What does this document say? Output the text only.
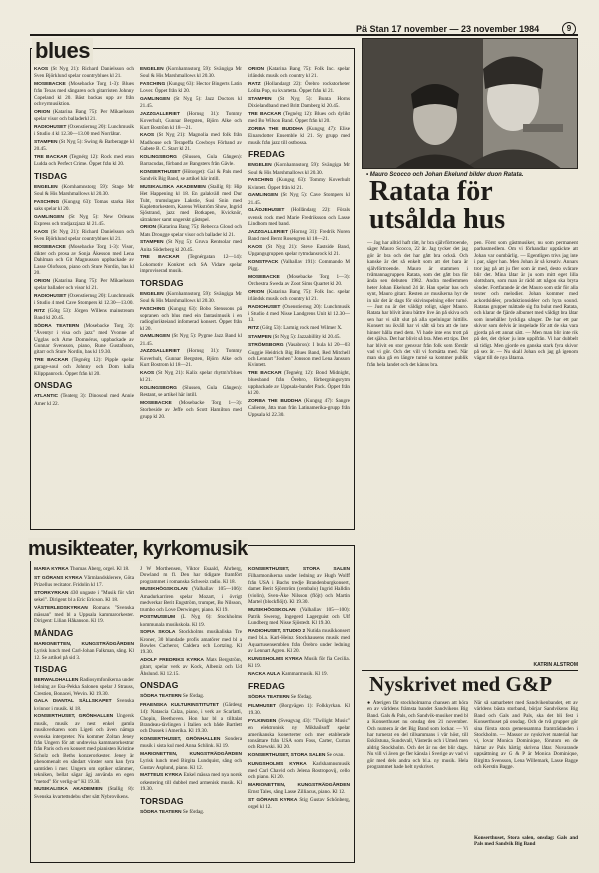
Pä Stan 17 november — 23 november 1984	9
blues
KAOS (St Nyg 21): Richard Danielsson och Sven Björklund spelar countryblues kl 21.
MOSEBACKE (Mosebacke Torg 1-3): Blues från Texas med sångaren och gitarristen Johnny Copeland kl 20. Bäst backas upp av från ochvyrmusiktion.
ORION (Katarina Bang 75): Per Mikaelsson spelar visor och balladerkl 21.
RADIOHUSET (Oxenstiernsg 20): Lunchmusik i Studio 4 kl 12.30—13.00 med Norrlåtar.
STAMPEN (St Nyg 5): Swing & Barberagge kl 20.45.
TRE BACKAR (Tegnérg 12): Rock med eton Ludda och Perfect Crime. Öppet från kl 20.
TISDAG
ENGELEN (Kornhamnstorg 59): Stage Mr Soul & His Marshmallows kl 20.30.
FASCHING (Kungsg 63): Tomas starka Hot saks spelar kl 20.
GAMLINGEN (St Nyg 5): New Orleans Express och tradjazzjazz kl 21.45.
KAOS (St Nyg 21): Richard Danielsson och Sven Björklund spelar countryblues kl 21.
MOSEBACKE (Mosebacke Torg 1-3): Visor, dikter och prosa av Sonja Åkesson med Lena Dahlman och Git Magnusson uppbackade av Lasse Olofsson, piano och Sture Nordin, bas kl 20.
ORION (Katarina Bang 75): Per Mikaelsson spelar ballader och visor kl 21.
RADIOHUSET (Oxenstiernsg 20): Lunchmusik i Studio 4 med Cave Stompers kl 12.30—13.00.
RITZ (Götg 53): Jörgen Willens mainstream Band kl 20.45.
SÖDRA TEATERN (Mosebacke Torg 3): "Åventyr i visa och jazz" med Yvonne af Ugglas och Arne Domnérus, uppbackade av Gunnar Svensson, piano, Rune Gustafsson, gitarr och Sture Nordin, bas kl 19.30.
TRE BACKAR (Tegnérg 12): Pipple spelar garage-soul och Johnny och Dom kalla Klipppanrock. Öppet från kl 20.
ONSDAG
ATLANTIC (Teaterg 3): Dinosoul med Annie Amer kl 22.
ENGELEN (Kornhamnstorg 59): Svängiga Mr Soul & His Marshmallows kl 20.30.
FASCHING (Kungsg 63): Hector Bingerts Latin Lover. Öppet från kl 20.
GAMLINGEN (St Nyg 5): Jazz Doctors kl 21.45.
JAZZGALLERIET (Hornsg 31): Tommy Koverhult, Gunnar Bergsten, Björn Alke och Kurt Boström kl 18—21.
KAOS (St Nyg 21): Magnolia med folk från Madhouse och Terapeffa Cowboys Förband av Gabete B. C. Starr kl 21.
KOLINGSBORG (Slussen, Gula Gången): Barracudas, förband av Bangsters från Gävle.
KONSERTHUSET (Hötorget): Gal & Pals med Sandvik Big Band, se artikel här intill.
MUSIKALISKA AKADEMIEN (Stallig 8): Hip Het Happening kl 18. En galakväll med Dur Tubt, trumslagare Lakstie, Susi Snin med Kuplettorkestern, Karens Wikström Show, Ingrid Sjöstrand, jazz med Botkapen, Kvicknör, sätrakmer samt ungerskt gästspel.
ORION (Katarina Bang 75): Rebecca Gloud och Mats Drougge spelar visor och ballader kl 21.
STAMPEN (St Nyg 5): Gruva Rentsolar med Anita Söderberg kl 20.45.
TRE BACKAR (Tegnérgatan 12—14): Lokomotiv Konkret och SA Vidare spelar improviserad musik.
TORSDAG
ENGELEN (Kornhamnstorg 59): Svängiga Mr Soul & His Marshmallows kl 20.30.
FASCHING (Kungsg 63): Bobo Stenssons på sopranen och blus med ein fantasimusik i en radioglorikteiand infomerad konsert. Öppet från kl 20.
GAMLINGEN (St Nyg 5): Pygme Jazz Band kl 21.45.
JAZZGALLERIET (Hornsg 31): Tommy Koverhult, Gunnar Bergsten, Björn Alke och Kurt Bostrom kl 18—21.
KAOS (St Nyg 21): Kalix spelar rhytm'n'blues kl 21.
KOLINGSBORG (Slussen, Gula Gången): Restant, se artikel här intill.
MOSEBACKE (Mosebacke Torg 1—3): Storbeside av Jeffe och Scott Hamilton med grupp kl 20.
ORION (Katarina Bang 75): Folk Inc. spelar irländsk musik och country kl 21.
RATZ (Hollandargt 22): Örebro rockstorheter Lolita Pop, su kvartetta. Öppet från kl 21.
STAMPEN (St Nyg 5): Bunta Horns Dixielandband med Britt Damberg kl 20.45.
TRE BACKAR (Tegnérg 12): Blues och dylikt med Bo Wilson Band. Öppet från kl 20.
ZORBA THE BUDDHA (Kungsg 47): Elise Einarsdotter Ensemble kl 21. Sy grupp med musik från jazz till ostbossa.
FREDAG
ENGELEN (Kornhamnstorg 59): Svängiga Mr Soul & His Marshmallows kl 20.30.
FASCHING (Kungsg 63): Tommy Koverhult Kvintett. Öppet från kl 21.
GAMLINGEN (St Nyg 5): Cave Stompers kl 21.45.
GLÄDJEHUSET (Hollåndarg 22): Förals svensk rock med Marie Fredriksson och Lasse Lindbom med band.
JAZZGALLERIET (Hornsg 31): Fredrik Noren Band med Bernt Rosengren kl 18—21.
KAOS (St Nyg 21): Steve Eastside Band, Upgangsgruppen spelar rytmdansrock kl 21.
KONSTFACK (Valhallav 191): Commando M Pigg.
MOSEBACKE (Mosebacke Torg 1—3): Orchestra Sweda av Zoot Sims Quartet kl 20.
ORION (Katarina Bang 75): Folk Inc. spelar irländsk musik och country kl 21.
RADIOHUSET (Oxenstiernsg 20): Lunchmusik i Studio 4 med Nisse Landgrens Unit kl 12.30—13.
RITZ (Götg 53): Larmig rock med Wilmer X.
STAMPEN (St Nyg 5): Jazzabillity kl 20.45.
STRÖMSBORG (Vasabron): I bula kl 20—03 Guggie Heidrich Big Blues Band, Red Mitchell och Lennart "Joshen" Jonsson med Lena Jansson Kvintett.
TRE BACKAR (Tegnérg 12): Bond Midnight, bluesband från Örebro, förbergningsrytm uppbackade av Uppsala-bandet Pack. Öppet från kl 20.
ZORBA THE BUDDHA (Kungsg 47): Sangre Caliente, åtta man från Latinamerika-grupp från Uppsala kl 22.30.
musikteater, kyrkomusik
MARIA KYRKA Thomas Åberg, orgel. Kl 18.
ST GÖRANS KYRKA Vårmlandsklerere, Göta Prizellus recitator. Fridolin kl 17.
STORKYRKAN 430 ungaste i "Musik för vårt sekel". Dirigent bl a Eric Ericson. Kl 18.
VÄSTERLEDSKYRKAN Romans "Svenska mässan" med bl a Uppsala kammarorkester. Dirigent: Lilian Håkanson. Kl 19.
MÅNDAG
MARIONETTEN, KUNGSTRÄDGÅRDEN Lyrisk lunch med Carl-Johan Falkman, sång. Kl 12. Se artikel på sid 3.
TISDAG
BERWALDHALLEN Radiosymfonikerna under ledning av Esa-Pekka Salonen spelar J Strauss, Crestien, Bonacei, Wevin. Kl 19.30.
GALA DIANTAL SÄLLSKAPET Svenska kvinnor i musik. kl 18.
KONSERTHUSET, GRÖNHALLEN Ungersk musik, musik av nest enkel gamla musikverkaren som Ligeti och även nämga svenska interpreter. Nu kommer Zoltan Jeney från Ungern för att undrevisa kammarorkestrar från Paris och en konsert med pianisten Kristine Scholz och Beths konzerorkester. Jeney är phenomenalt en såndart vinster som kan fyra samtiden i mer. Ungern om optiker stämmer, tekniken, bellat sägar ägj använda en egen "metod" för verlig-ar" Kl 19.30.
MUSIKALISKA AKADEMIEN (Stallig 8): Svenska kvartettsdebu sfter sätt Nybrovikens.
J W Morthensen, Viktor Esaald, Åhrberg, Dowland m fl. Den har tidigare framfört programmet i romanska Schweiz radio. Kl 18.
MUSIKHÖGSKOLAN (Valhallav 105—106): Amadurkarriren spelar Mozart, i övrigt medverkar Berit Engström, trumpet, Bo Nilsson, trumbo och Love Derwinger, piano. Kl 19.
POSTMUSEUM (L Nyg 6): Stockholms kommunala musikskola. Kl 19.
SOFIA SKOLA Stockholms musikaliska Tre Kroner, 30 blandade profis amatörer med bl a Bowles Cacheror, Caldera och Lortzing. Kl 19.30.
ADOLF FREDRIKS KYRKA Mats Bergström, gitarr, spelar verk av Kock, Albeniz och Ud Åhslund. Kl 12.15.
ONSDAG
SÖDRA TEATERN Se fördag.
FRAENSKA KULTURINSTITUTET (Gärdesg 14): Natascia Calza, piano, i verk av Scarlatti, Chopin, Beethoven. Hon har bl a tilltalat Brandeau-tävlingen i Italien och både Bartlett och Dussek i Amerika. Kl 19.30.
KONSERTHUSET, GRÖNHALLEN Sondera musik i sista kul med Anna Schlink. Kl 19.
MARIONETTEN, KUNGSTRÄDGÅRDEN Lyrisk lunch med Birgita Lundquist, sång och Gustav Asplund, piano. Kl 12.
MATTEUS KYRKA Enkel mässa med nya norsk orkestering till dubbel med armenisk musik. Kl 19.30.
TORSDAG
SÖDRA TEATERN Se fördag.
KONSERTHUSET, STORA SALEN Filharmonikerna under ledning av Hugh Wolff från USA i Bachs tredje Brandenburgkonsert, damet Berit Sjörström (cembalo) Ingrid Halldin (violin), Sven-Åke Nilsson (flöjt) och Martin Martel (blockflöjt). Kl 19.30.
MUSIKHÖGSKOLAN (Valhallav 105—100): Patrik Swerog, Ingegerd Lagerguist och Ulf Lundberg med Nisse Sjöstedt. Kl 19.30.
RADIOHUSET, STUDIO 2 Nutida musikkonsert med bl.a. Karl-Heinz Stockhausens musik med Aquartusensemblen från Örebro under ledning av Lennart Agren. Kl 20.
KUNGSHOLMS KYRKA Musik för fia Cecilia. Kl 19.
NACKA AULA Kammarmusik. Kl 19.
FREDAG
SÖDRA TEATERN Se fördag.
FILMHUSET (Borgvägen 1): Folkkyrkan. Kl 19.30.
FYLKINGEN (Sveagvag 43): "Twilight Music" en elektronisk ny Mikhailsoff spelar amerikanska konerterter och mer etablerade tonsättare från USA som Foss, Carter, Curran och Rzewski. Kl 20.
KONSERTHUSET, STORA SALEN Se ovan.
KUNGSHOLMS KYRKA Karlshamnsmusik med Carl Chavid och Jelena Rostropovij, cello och piano. Kl 20.
MARIONETTEN, KUNGSTRÄDGÅRDEN Ernst Tales, sång Lasse Zilliacus, piano. Kl 12.
ST GÖRANS KYRKA Stig Gustav Schönberg, orgel kl 12.
• Mauro Scocco och Johan Ekelund bilder duon Ratata.
Ratata för utsålda hus
— Jag har alltid haft rätt, hr bra självförtroende, säger Mauro Scocco, 22 år. Jag tycker det jag gör är bra och det har gått bra också. Och kanske är det så enkelt som att det bara är självförtroende. Mauro är stammen i tvåmannagruppen Ratata, som det gått bra för ända sen debuten 1982. Andra medlemmen heter Johan Ekelund 24 år. Han spelar bas och synt, Mauro gitarr. Resten av musikerna hyr de in när det är dags för skivinspelning eller turné. — Just nu är det väldigt roligt, säger Mauro. Ratata har blivit ännu bättre live än på skiva och sen har vi sålt slut på alla spelningar hittills. Konsert nu ikväll har vi sålt så bra att de inte hinner hålla med dem. Vi hade inte ens trott på det själva. Det har blivit så bra. Men ett tips. Det har blivit en stor gensvar från folk som förstår vad vi gör. Och det vill vi fortsätta med. När man ska gå en längre turné sa kommer publik från hela landet och det känns bra.
pen. Först som gästmusiker, nu som permanent parbasmedlem. Om vi förhandlar upptäckte att Johan var oumbärlig. — Egentligen trivs jag inte i par, säger han. Men Johan är så kreativ. Annars tror jag på att ju fler som är med, desto svårare blir det. Mina låtar är ju som mitt eget lilla slottsbarn, som man är rädd att någon ska bryta sönder. Fortfarande är det Mauro som står för alla texter och melodier. Johan kommer med ackordsidéer, produktionsidéer och hyra sound. Ratatas grupper mättade sig fra bulut med Ratata, och klarar de fjärde albumet med väldigt bra låtar som innehåller lyckliga sånger. De har ett par skivor som delvis är inspelade för att de ska vara gjorda på ett annat sätt. — Men man blir inte rik på det, det dyker ju inte uppifrån. Vi har dubbelt så tidigt. Men gjorde en ganska stark fyra skivor på sex år. — Nu skall Johan och jag gå igenom vägar till de nya låtarna.
KATRIN ALSTRÖM
Nyskrivet med G&P
● Återigen får stockholmarna chansen att höra en av världens främsta bandet Sandvikens Big Band. Gals & Pals, och Sandvik-musiker med bl a Konserthuset nu onsdag den 21 november. Och numera är det Big Band som lockar. — Vi har turnerat en del tillsammans i vår höst, till Eskilstuna, Sundsvall, Västerås och i Umeå men aldrig Stockholm. Och det är nu det blir dags. Nu vill vi även ge fler känsla i Sverige av vad vi gör med dels andra och bl.a. ny musik. Hela programmet hade helt nyskrivet.
När så samarbetet med Sandvikenbandet, ett av världens bästa storband, börjar Sandvikens Big Band och Gals and Pals, ska det bli fest i Konserthuset på onsdag. Och de två grupper gör sina första stora gemensamma framträdanden i Stockholm. — Massor av nyskrivet material har vi, lovar Monica Dominique, förutom en de härtar av Pals härtig skrivna låtar. Nuvarande uppsättning av G & P är Monica Dominique, Birgitta Svensson, Lena Willemark, Lasse Bagge och Kerstin Bagge.
Konserthuset, Stora salen, onsdag: Gals and Pals med Sandvik Big Band
